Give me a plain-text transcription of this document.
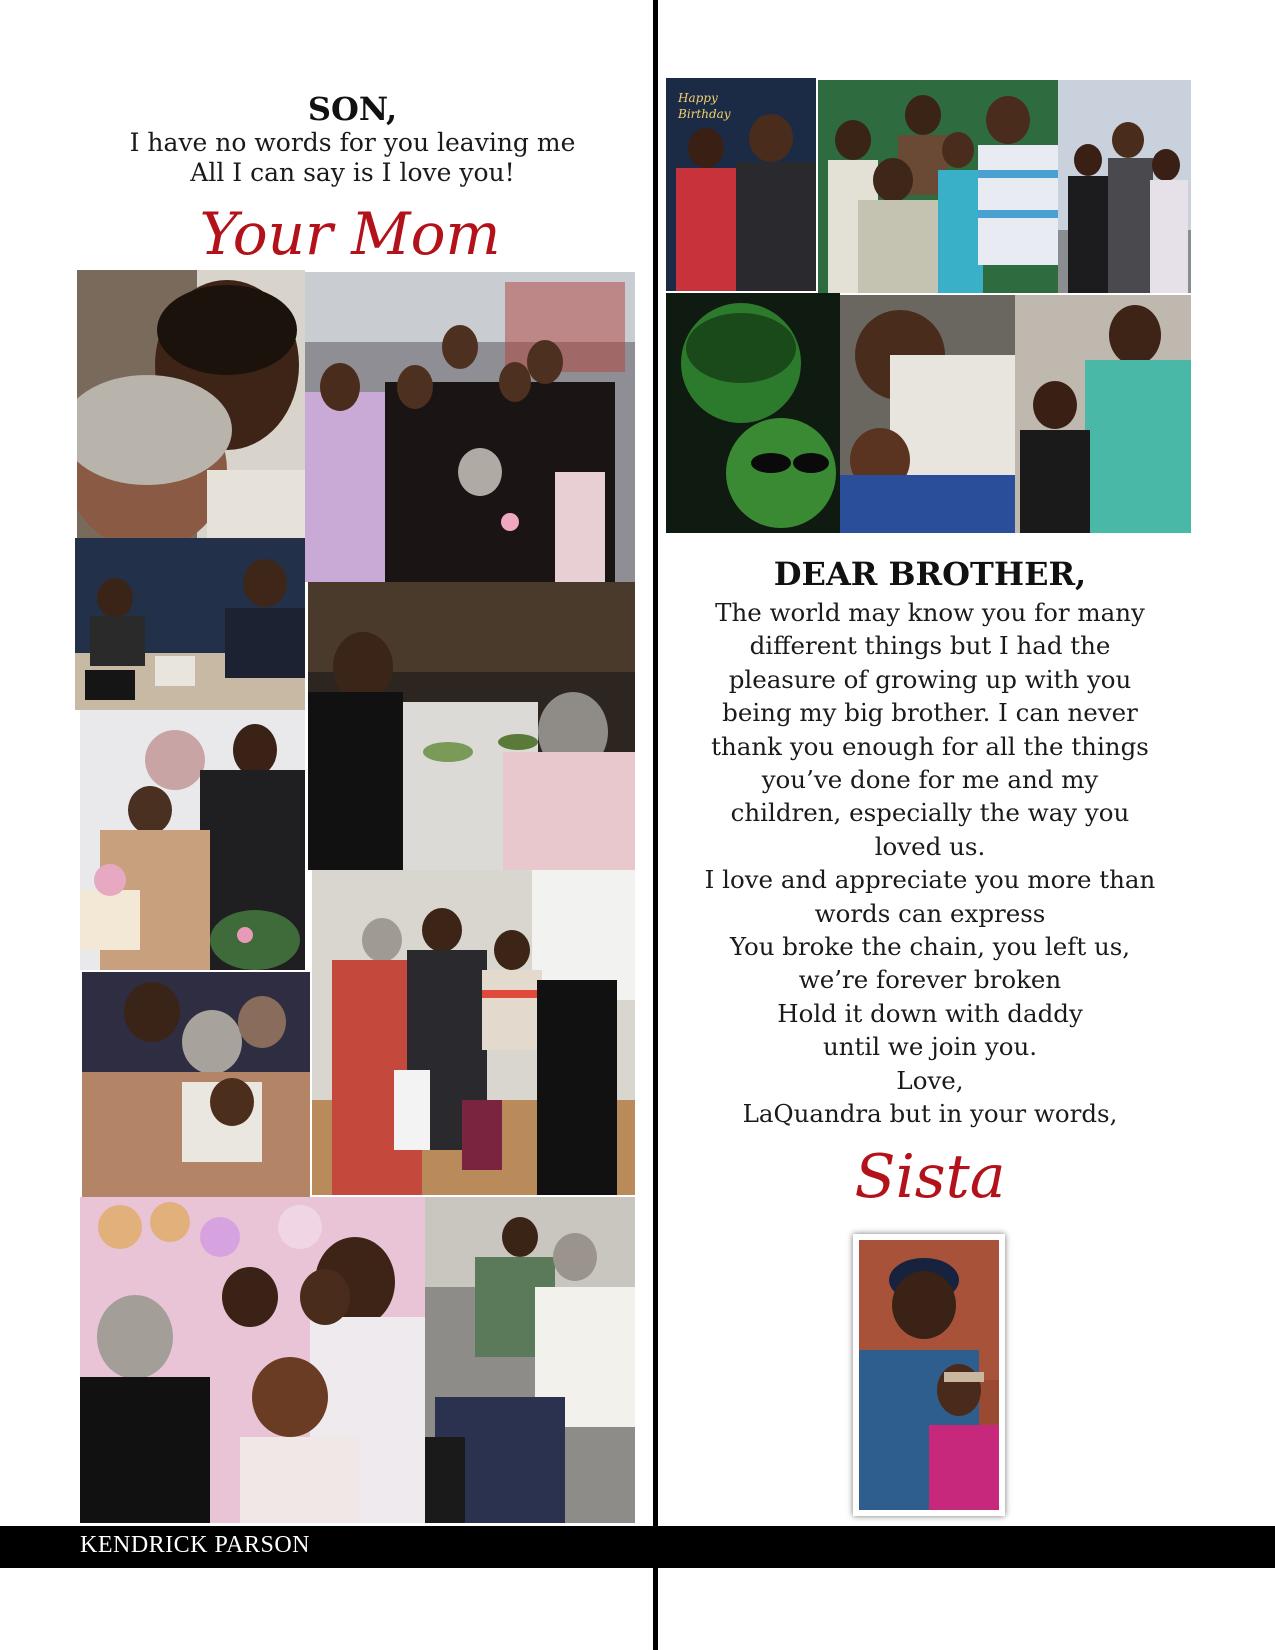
SON,
I have no words for you leaving me
All I can say is I love you!
Your Mom
Happy
Birthday
DEAR BROTHER,
The world may know you for many
different things but I had the
pleasure of growing up with you
being my big brother. I can never
thank you enough for all the things
you’ve done for me and my
children, especially the way you
loved us.
I love and appreciate you more than
words can express
You broke the chain, you left us,
we’re forever broken
Hold it down with daddy
until we join you.
Love,
LaQuandra but in your words,
Sista
KENDRICK PARSON
